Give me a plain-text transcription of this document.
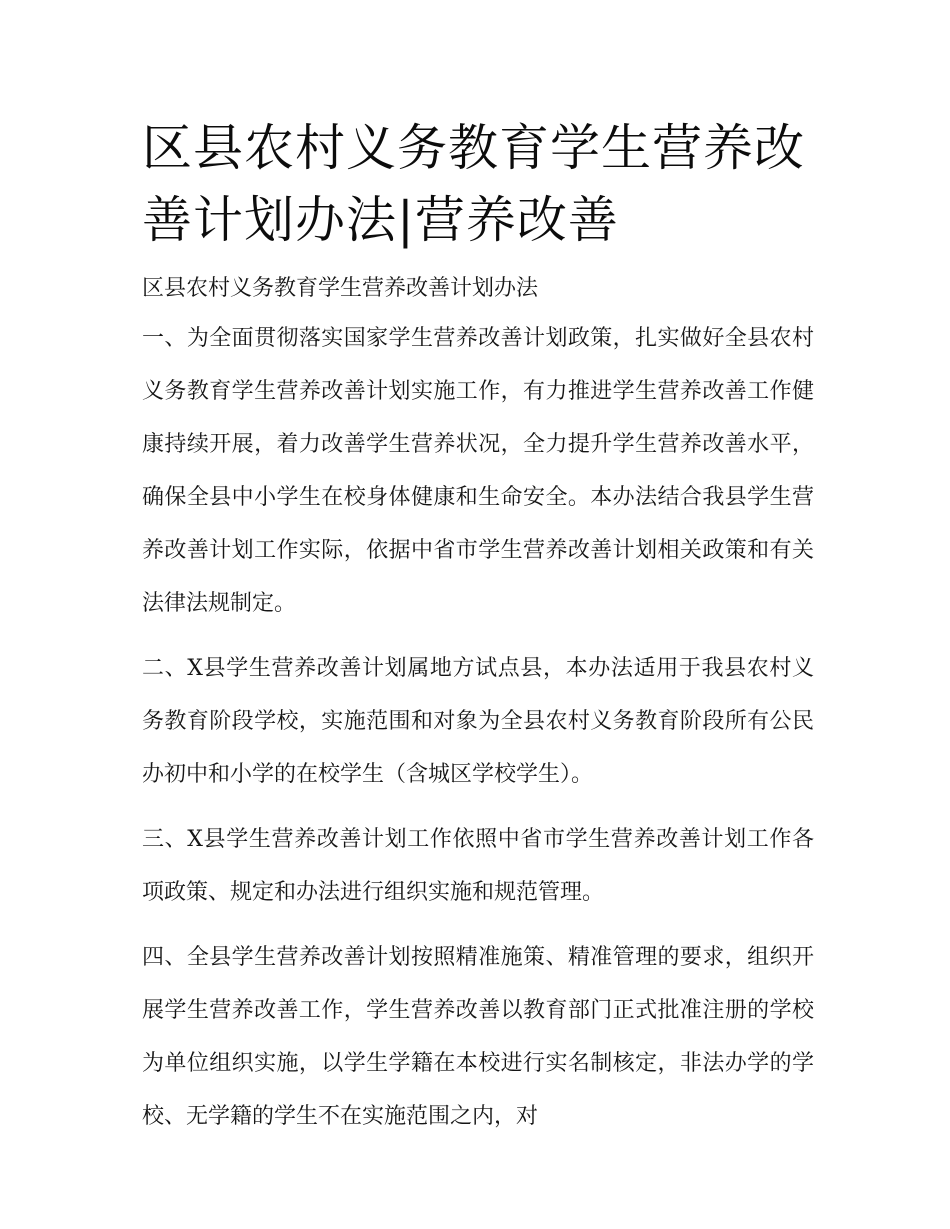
区县农村义务教育学生营养改善计划办法|营养改善

区县农村义务教育学生营养改善计划办法

一、为全面贯彻落实国家学生营养改善计划政策，扎实做好全县农村义务教育学生营养改善计划实施工作，有力推进学生营养改善工作健康持续开展，着力改善学生营养状况，全力提升学生营养改善水平，确保全县中小学生在校身体健康和生命安全。本办法结合我县学生营养改善计划工作实际，依据中省市学生营养改善计划相关政策和有关法律法规制定。

二、X县学生营养改善计划属地方试点县，本办法适用于我县农村义务教育阶段学校，实施范围和对象为全县农村义务教育阶段所有公民办初中和小学的在校学生（含城区学校学生）。

三、X县学生营养改善计划工作依照中省市学生营养改善计划工作各项政策、规定和办法进行组织实施和规范管理。

四、全县学生营养改善计划按照精准施策、精准管理的要求，组织开展学生营养改善工作，学生营养改善以教育部门正式批准注册的学校为单位组织实施，以学生学籍在本校进行实名制核定，非法办学的学校、无学籍的学生不在实施范围之内，对
